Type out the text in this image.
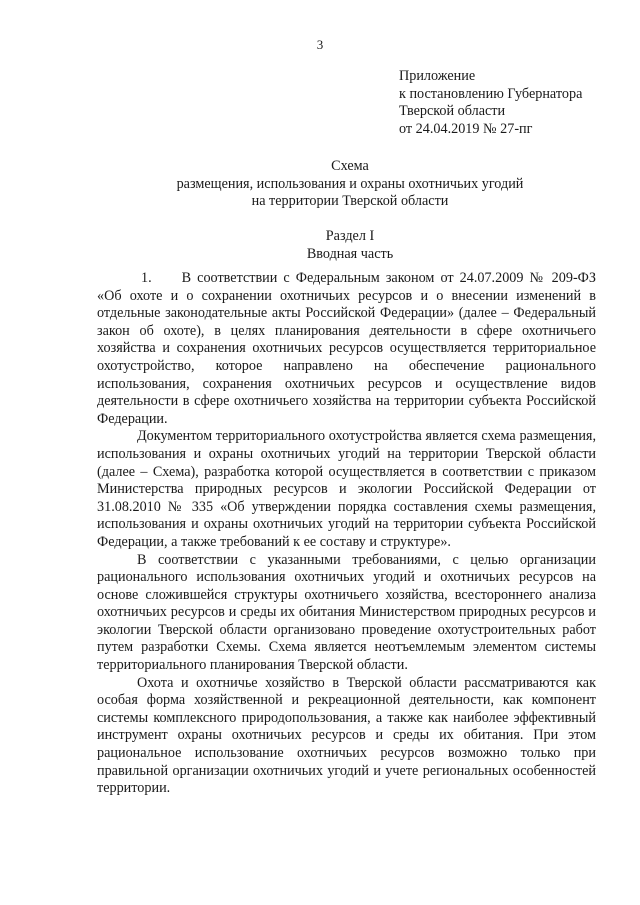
3
Приложение
к постановлению Губернатора
Тверской области
от 24.04.2019 № 27-пг
Схема
размещения, использования и охраны охотничьих угодий
на территории Тверской области
Раздел I
Вводная часть

1. В соответствии с Федеральным законом от 24.07.2009 № 209-ФЗ «Об охоте и о сохранении охотничьих ресурсов и о внесении изменений в отдельные законодательные акты Российской Федерации» (далее – Федеральный закон об охоте), в целях планирования деятельности в сфере охотничьего хозяйства и сохранения охотничьих ресурсов осуществляется территориальное охотустройство, которое направлено на обеспечение рационального использования, сохранения охотничьих ресурсов и осуществление видов деятельности в сфере охотничьего хозяйства на территории субъекта Российской Федерации.

Документом территориального охотустройства является схема размещения, использования и охраны охотничьих угодий на территории Тверской области (далее – Схема), разработка которой осуществляется в соответствии с приказом Министерства природных ресурсов и экологии Российской Федерации от 31.08.2010 № 335 «Об утверждении порядка составления схемы размещения, использования и охраны охотничьих угодий на территории субъекта Российской Федерации, а также требований к ее составу и структуре».

В соответствии с указанными требованиями, с целью организации рационального использования охотничьих угодий и охотничьих ресурсов на основе сложившейся структуры охотничьего хозяйства, всестороннего анализа охотничьих ресурсов и среды их обитания Министерством природных ресурсов и экологии Тверской области организовано проведение охотустроительных работ путем разработки Схемы. Схема является неотъемлемым элементом системы территориального планирования Тверской области.

Охота и охотничье хозяйство в Тверской области рассматриваются как особая форма хозяйственной и рекреационной деятельности, как компонент системы комплексного природопользования, а также как наиболее эффективный инструмент охраны охотничьих ресурсов и среды их обитания. При этом рациональное использование охотничьих ресурсов возможно только при правильной организации охотничьих угодий и учете региональных особенностей территории.
